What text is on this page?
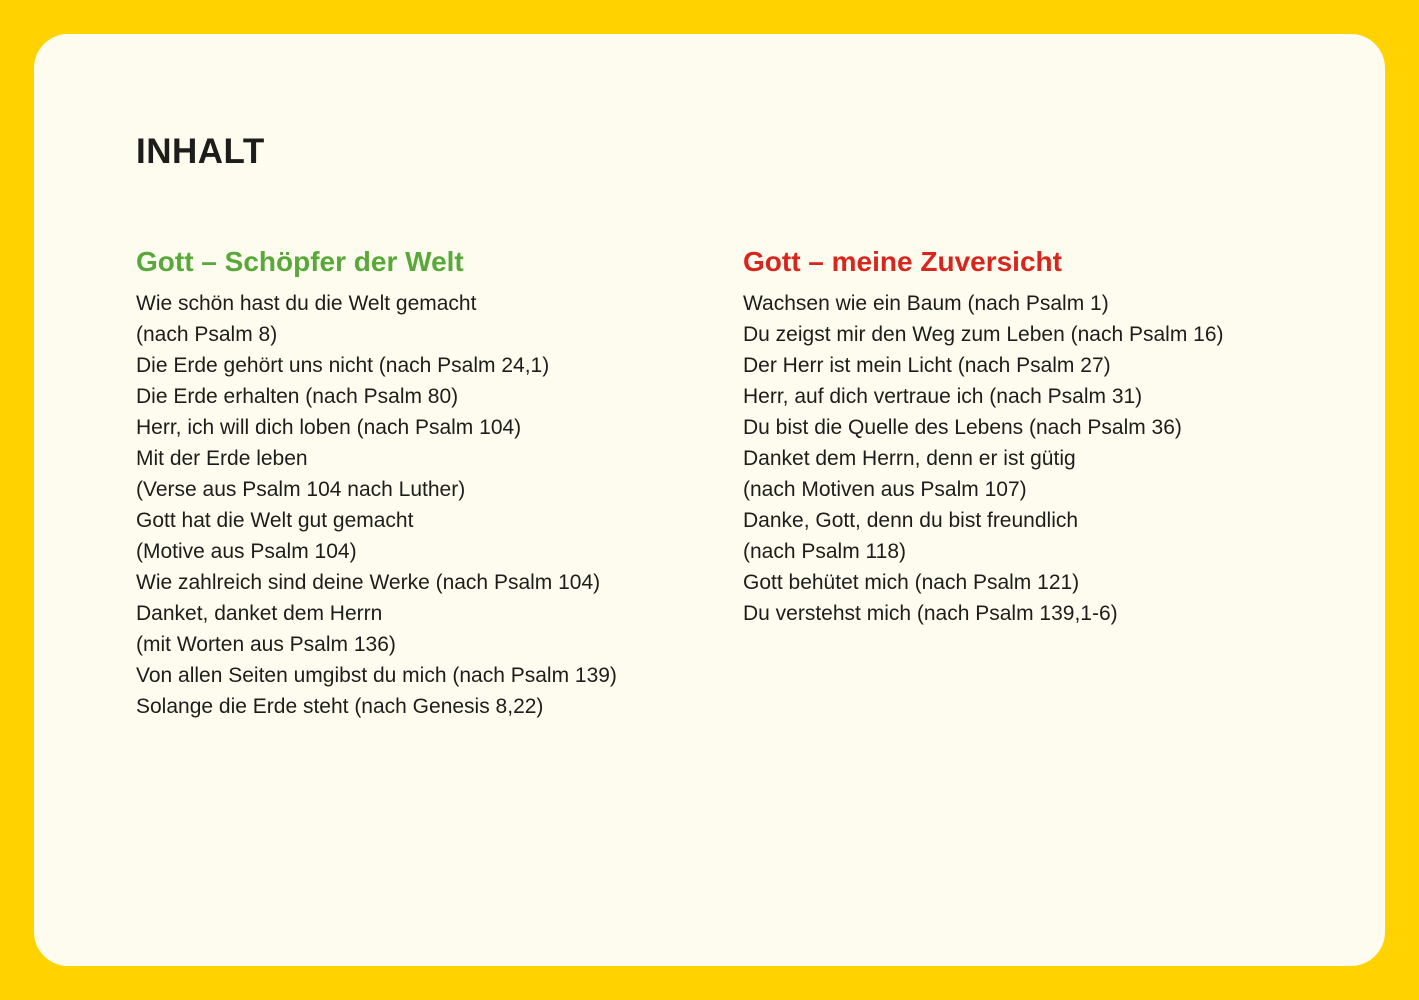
INHALT
Gott – Schöpfer der Welt
Wie schön hast du die Welt gemacht
(nach Psalm 8)
Die Erde gehört uns nicht (nach Psalm 24,1)
Die Erde erhalten (nach Psalm 80)
Herr, ich will dich loben (nach Psalm 104)
Mit der Erde leben
(Verse aus Psalm 104 nach Luther)
Gott hat die Welt gut gemacht
(Motive aus Psalm 104)
Wie zahlreich sind deine Werke (nach Psalm 104)
Danket, danket dem Herrn
(mit Worten aus Psalm 136)
Von allen Seiten umgibst du mich (nach Psalm 139)
Solange die Erde steht (nach Genesis 8,22)
Gott – meine Zuversicht
Wachsen wie ein Baum (nach Psalm 1)
Du zeigst mir den Weg zum Leben (nach Psalm 16)
Der Herr ist mein Licht (nach Psalm 27)
Herr, auf dich vertraue ich (nach Psalm 31)
Du bist die Quelle des Lebens (nach Psalm 36)
Danket dem Herrn, denn er ist gütig
(nach Motiven aus Psalm 107)
Danke, Gott, denn du bist freundlich
(nach Psalm 118)
Gott behütet mich (nach Psalm 121)
Du verstehst mich (nach Psalm 139,1-6)
